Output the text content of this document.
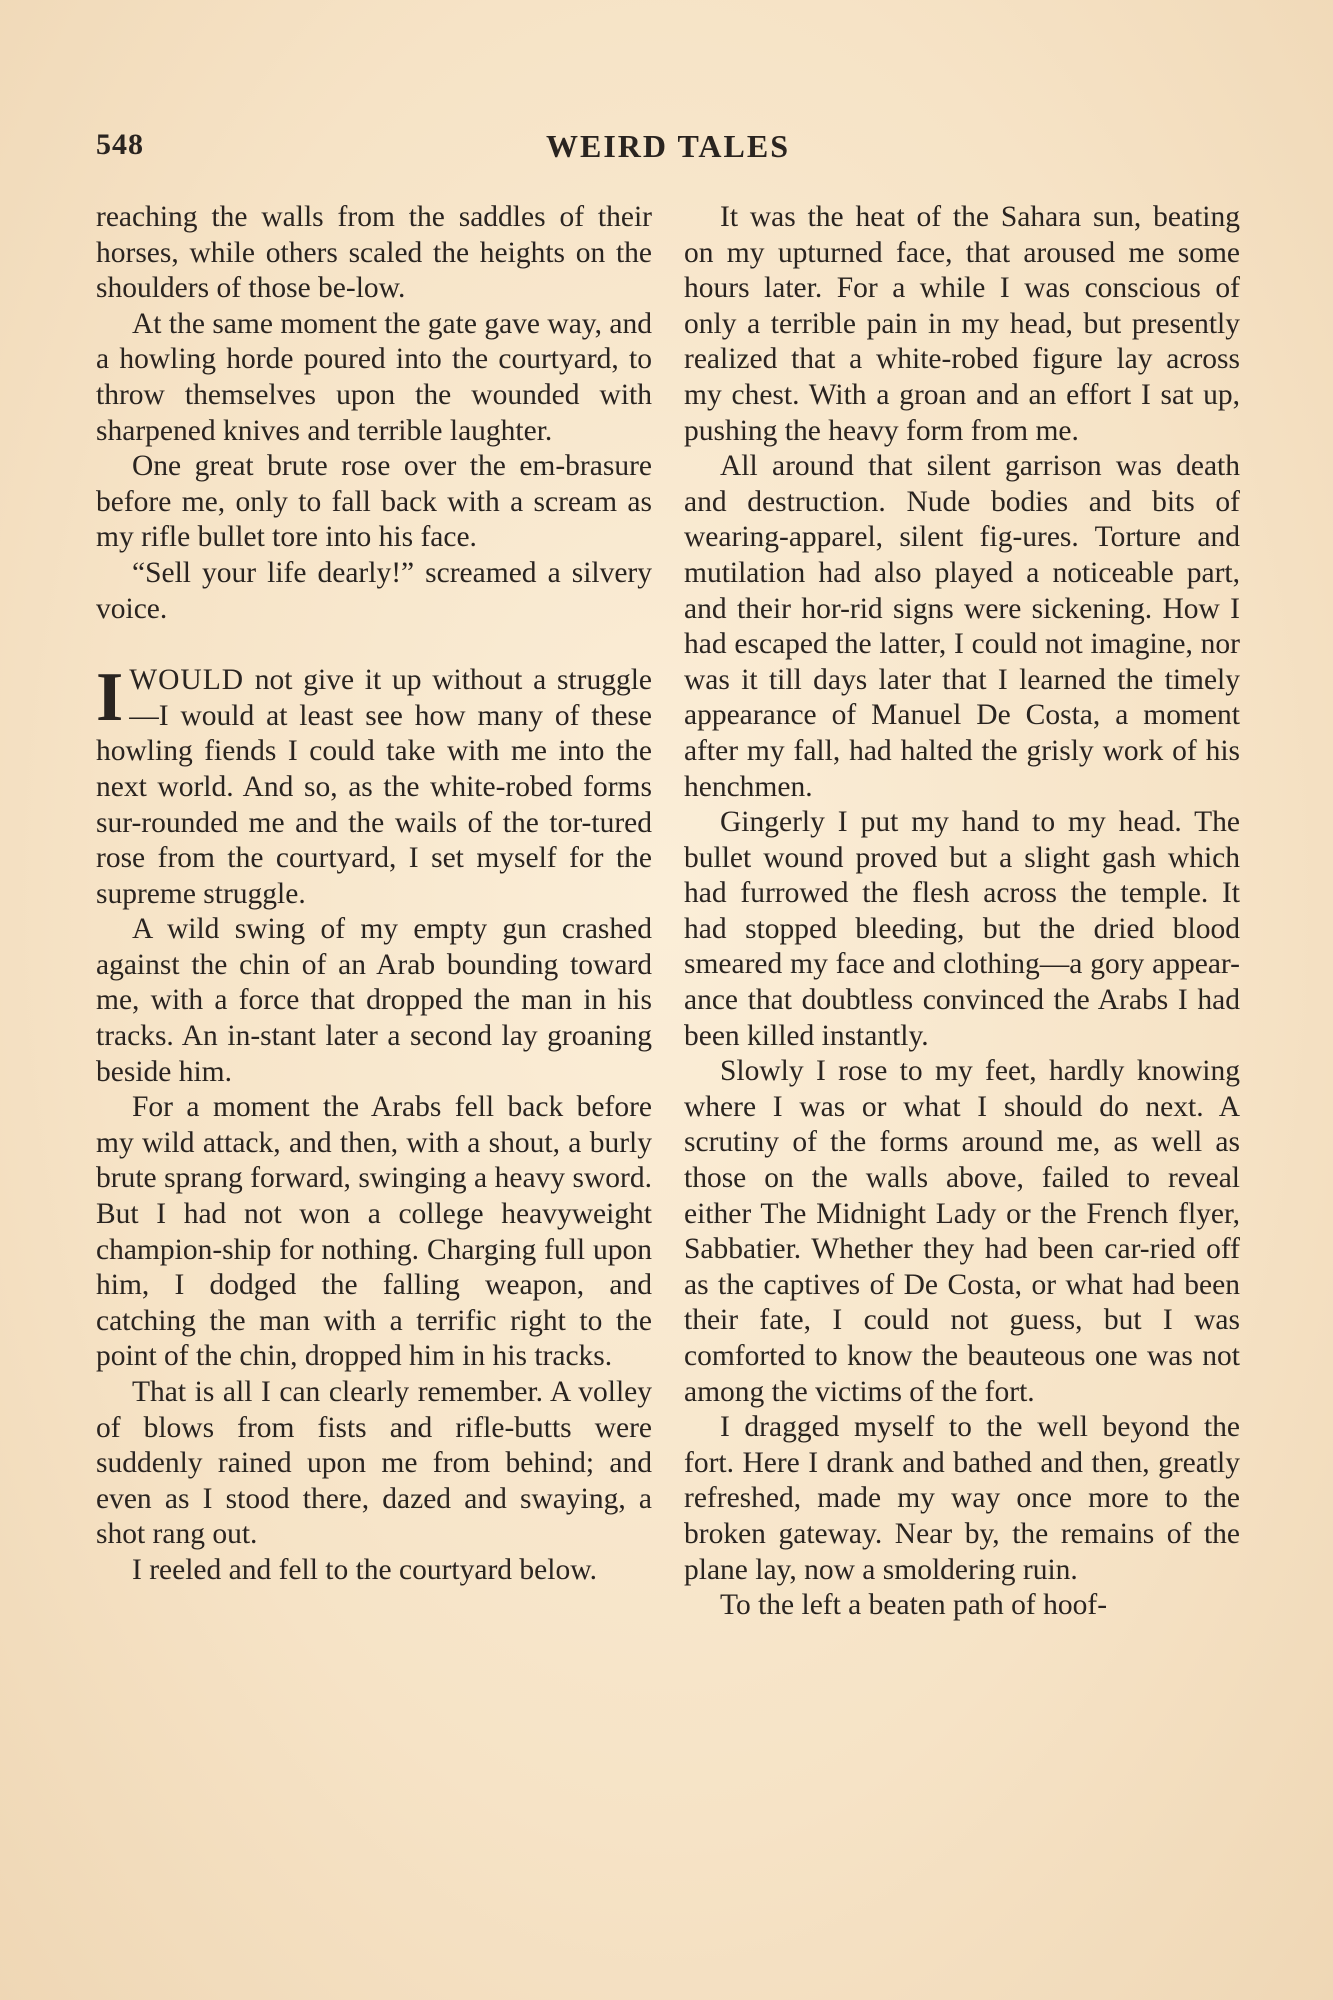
548	WEIRD TALES

reaching the walls from the saddles of their horses, while others scaled the heights on the shoulders of those be-low.

At the same moment the gate gave way, and a howling horde poured into the courtyard, to throw themselves upon the wounded with sharpened knives and terrible laughter.

One great brute rose over the em-brasure before me, only to fall back with a scream as my rifle bullet tore into his face.

“Sell your life dearly!” screamed a silvery voice.

IWOULD not give it up without a struggle—I would at least see how many of these howling fiends I could take with me into the next world. And so, as the white-robed forms sur-rounded me and the wails of the tor-tured rose from the courtyard, I set myself for the supreme struggle.

A wild swing of my empty gun crashed against the chin of an Arab bounding toward me, with a force that dropped the man in his tracks. An in-stant later a second lay groaning beside him.

For a moment the Arabs fell back before my wild attack, and then, with a shout, a burly brute sprang forward, swinging a heavy sword. But I had not won a college heavyweight champion-ship for nothing. Charging full upon him, I dodged the falling weapon, and catching the man with a terrific right to the point of the chin, dropped him in his tracks.

That is all I can clearly remember. A volley of blows from fists and rifle-butts were suddenly rained upon me from behind; and even as I stood there, dazed and swaying, a shot rang out.

I reeled and fell to the courtyard below.

It was the heat of the Sahara sun, beating on my upturned face, that aroused me some hours later. For a while I was conscious of only a terrible pain in my head, but presently realized that a white-robed figure lay across my chest. With a groan and an effort I sat up, pushing the heavy form from me.

All around that silent garrison was death and destruction. Nude bodies and bits of wearing-apparel, silent fig-ures. Torture and mutilation had also played a noticeable part, and their hor-rid signs were sickening. How I had escaped the latter, I could not imagine, nor was it till days later that I learned the timely appearance of Manuel De Costa, a moment after my fall, had halted the grisly work of his henchmen.

Gingerly I put my hand to my head. The bullet wound proved but a slight gash which had furrowed the flesh across the temple. It had stopped bleeding, but the dried blood smeared my face and clothing—a gory appear-ance that doubtless convinced the Arabs I had been killed instantly.

Slowly I rose to my feet, hardly knowing where I was or what I should do next. A scrutiny of the forms around me, as well as those on the walls above, failed to reveal either The Midnight Lady or the French flyer, Sabbatier. Whether they had been car-ried off as the captives of De Costa, or what had been their fate, I could not guess, but I was comforted to know the beauteous one was not among the victims of the fort.

I dragged myself to the well beyond the fort. Here I drank and bathed and then, greatly refreshed, made my way once more to the broken gateway. Near by, the remains of the plane lay, now a smoldering ruin.

To the left a beaten path of hoof-
